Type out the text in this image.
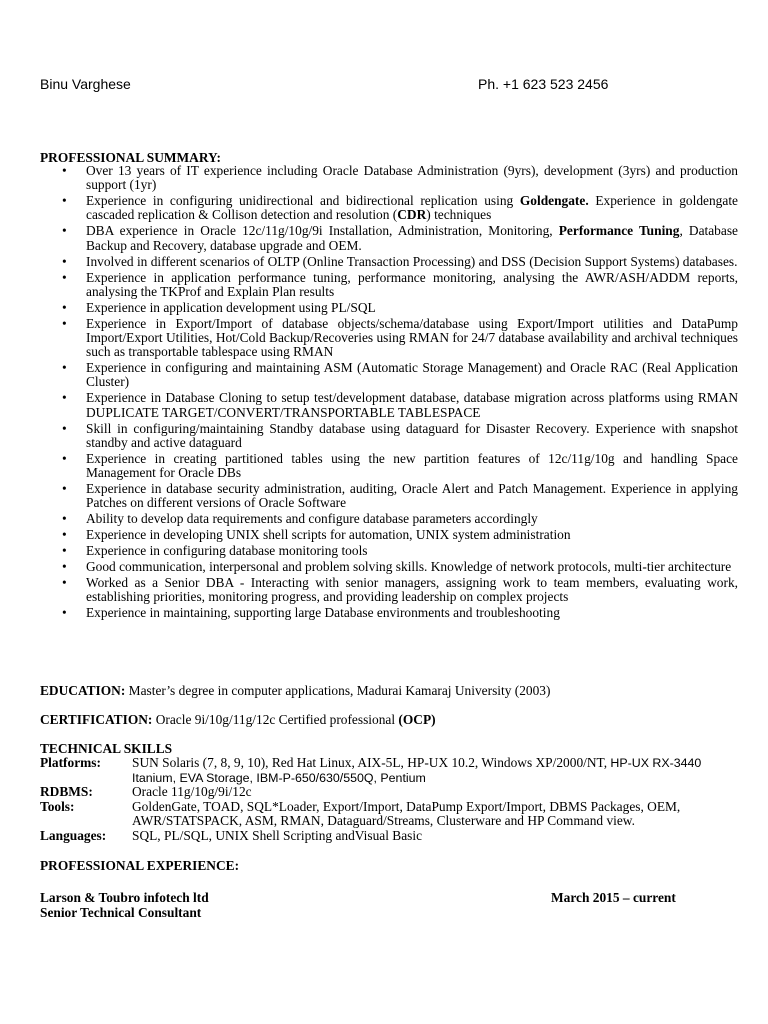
Binu Varghese	Ph. +1 623 523 2456
PROFESSIONAL SUMMARY:
• Over 13 years of IT experience including Oracle Database Administration (9yrs), development (3yrs) and production support (1yr)
• Experience in configuring unidirectional and bidirectional replication using Goldengate. Experience in goldengate cascaded replication & Collison detection and resolution (CDR) techniques
• DBA experience in Oracle 12c/11g/10g/9i Installation, Administration, Monitoring, Performance Tuning, Database Backup and Recovery, database upgrade and OEM.
• Involved in different scenarios of OLTP (Online Transaction Processing) and DSS (Decision Support Systems) databases.
• Experience in application performance tuning, performance monitoring, analysing the AWR/ASH/ADDM reports, analysing the TKProf and Explain Plan results
• Experience in application development using PL/SQL
• Experience in Export/Import of database objects/schema/database using Export/Import utilities and DataPump Import/Export Utilities, Hot/Cold Backup/Recoveries using RMAN for 24/7 database availability and archival techniques such as transportable tablespace using RMAN
• Experience in configuring and maintaining ASM (Automatic Storage Management) and Oracle RAC (Real Application Cluster)
• Experience in Database Cloning to setup test/development database, database migration across platforms using RMAN DUPLICATE TARGET/CONVERT/TRANSPORTABLE TABLESPACE
• Skill in configuring/maintaining Standby database using dataguard for Disaster Recovery. Experience with snapshot standby and active dataguard
• Experience in creating partitioned tables using the new partition features of 12c/11g/10g and handling Space Management for Oracle DBs
• Experience in database security administration, auditing, Oracle Alert and Patch Management. Experience in applying Patches on different versions of Oracle Software
• Ability to develop data requirements and configure database parameters accordingly
• Experience in developing UNIX shell scripts for automation, UNIX system administration
• Experience in configuring database monitoring tools
• Good communication, interpersonal and problem solving skills. Knowledge of network protocols, multi-tier architecture
• Worked as a Senior DBA - Interacting with senior managers, assigning work to team members, evaluating work, establishing priorities, monitoring progress, and providing leadership on complex projects
• Experience in maintaining, supporting large Database environments and troubleshooting
EDUCATION: Master’s degree in computer applications, Madurai Kamaraj University (2003)
CERTIFICATION: Oracle 9i/10g/11g/12c Certified professional (OCP)
TECHNICAL SKILLS
Platforms:	SUN Solaris (7, 8, 9, 10), Red Hat Linux, AIX-5L, HP-UX 10.2, Windows XP/2000/NT, HP-UX RX-3440 Itanium, EVA Storage, IBM-P-650/630/550Q, Pentium
RDBMS:	Oracle 11g/10g/9i/12c
Tools:	GoldenGate, TOAD, SQL*Loader, Export/Import, DataPump Export/Import, DBMS Packages, OEM, AWR/STATSPACK, ASM, RMAN, Dataguard/Streams, Clusterware and HP Command view.
Languages:	SQL, PL/SQL, UNIX Shell Scripting andVisual Basic
PROFESSIONAL EXPERIENCE:
Larson & Toubro infotech ltd	March 2015 – current
Senior Technical Consultant
